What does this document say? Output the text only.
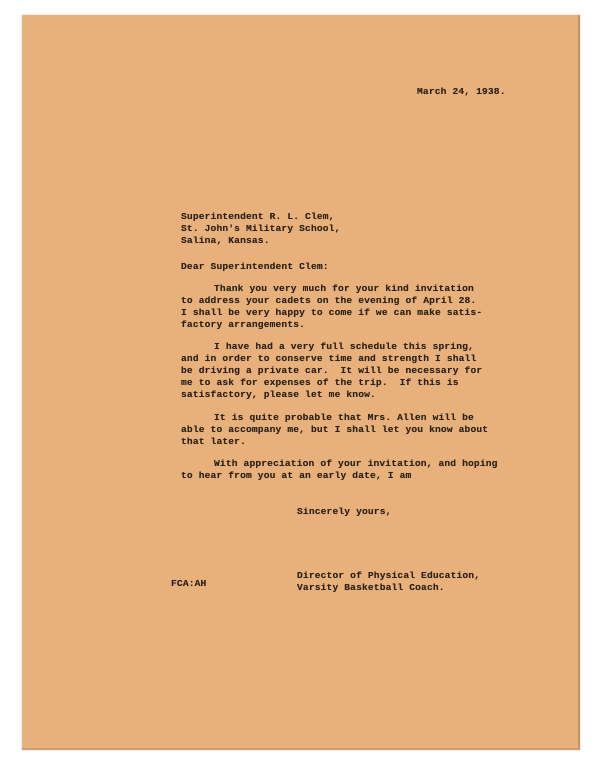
March 24, 1938.
Superintendent R. L. Clem,
St. John's Military School,
Salina, Kansas.
Dear Superintendent Clem:
Thank you very much for your kind invitation
to address your cadets on the evening of April 28.
I shall be very happy to come if we can make satis-
factory arrangements.
I have had a very full schedule this spring,
and in order to conserve time and strength I shall
be driving a private car.  It will be necessary for
me to ask for expenses of the trip.  If this is
satisfactory, please let me know.
It is quite probable that Mrs. Allen will be
able to accompany me, but I shall let you know about
that later.
With appreciation of your invitation, and hoping
to hear from you at an early date, I am
Sincerely yours,
Director of Physical Education,
Varsity Basketball Coach.
FCA:AH
